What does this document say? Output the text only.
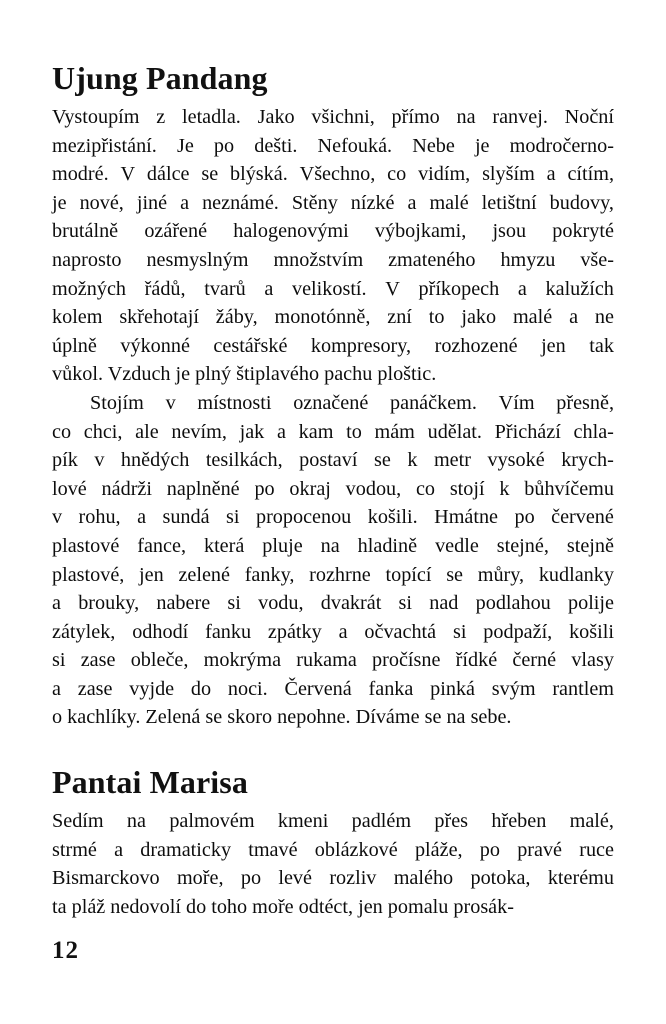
Ujung Pandang
Vystoupím z letadla. Jako všichni, přímo na ranvej. Noční
mezipřistání. Je po dešti. Nefouká. Nebe je modročerno-
modré. V dálce se blýská. Všechno, co vidím, slyším a cítím,
je nové, jiné a neznámé. Stěny nízké a malé letištní budovy,
brutálně ozářené halogenovými výbojkami, jsou pokryté
naprosto nesmyslným množstvím zmateného hmyzu vše-
možných řádů, tvarů a velikostí. V příkopech a kalužích
kolem skřehotají žáby, monotónně, zní to jako malé a ne
úplně výkonné cestářské kompresory, rozhozené jen tak
vůkol. Vzduch je plný štiplavého pachu ploštic.
Stojím v místnosti označené panáčkem. Vím přesně,
co chci, ale nevím, jak a kam to mám udělat. Přichází chla-
pík v hnědých tesilkách, postaví se k metr vysoké krych-
lové nádrži naplněné po okraj vodou, co stojí k bůhvíčemu
v rohu, a sundá si propocenou košili. Hmátne po červené
plastové fance, která pluje na hladině vedle stejné, stejně
plastové, jen zelené fanky, rozhrne topící se můry, kudlanky
a brouky, nabere si vodu, dvakrát si nad podlahou polije
zátylek, odhodí fanku zpátky a očvachtá si podpaží, košili
si zase obleče, mokrýma rukama pročísne řídké černé vlasy
a zase vyjde do noci. Červená fanka pinká svým rantlem
o kachlíky. Zelená se skoro nepohne. Díváme se na sebe.
Pantai Marisa
Sedím na palmovém kmeni padlém přes hřeben malé,
strmé a dramaticky tmavé oblázkové pláže, po pravé ruce
Bismarckovo moře, po levé rozliv malého potoka, kterému
ta pláž nedovolí do toho moře odtéct, jen pomalu prosák-
12
